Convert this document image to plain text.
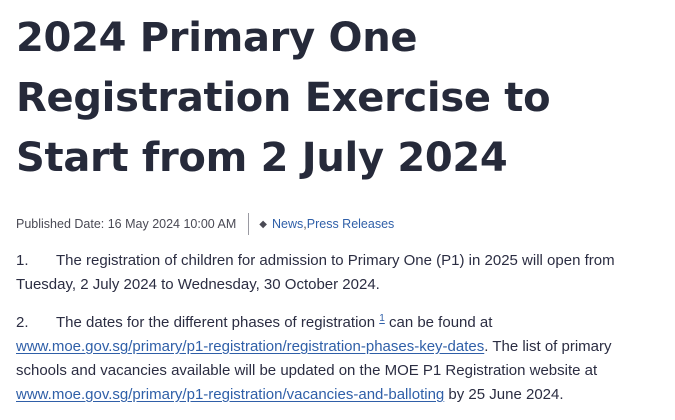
2024 Primary One Registration Exercise to Start from 2 July 2024
Published Date: 16 May 2024 10:00 AM ◆ News , Press Releases

1. The registration of children for admission to Primary One (P1) in 2025 will open from Tuesday, 2 July 2024 to Wednesday, 30 October 2024.

2. The dates for the different phases of registration $^1$ can be found at www.moe.gov.sg/primary/p1-registration/registration-phases-key-dates. The list of primary schools and vacancies available will be updated on the MOE P1 Registration website at www.moe.gov.sg/primary/p1-registration/vacancies-and-balloting by 25 June 2024.
